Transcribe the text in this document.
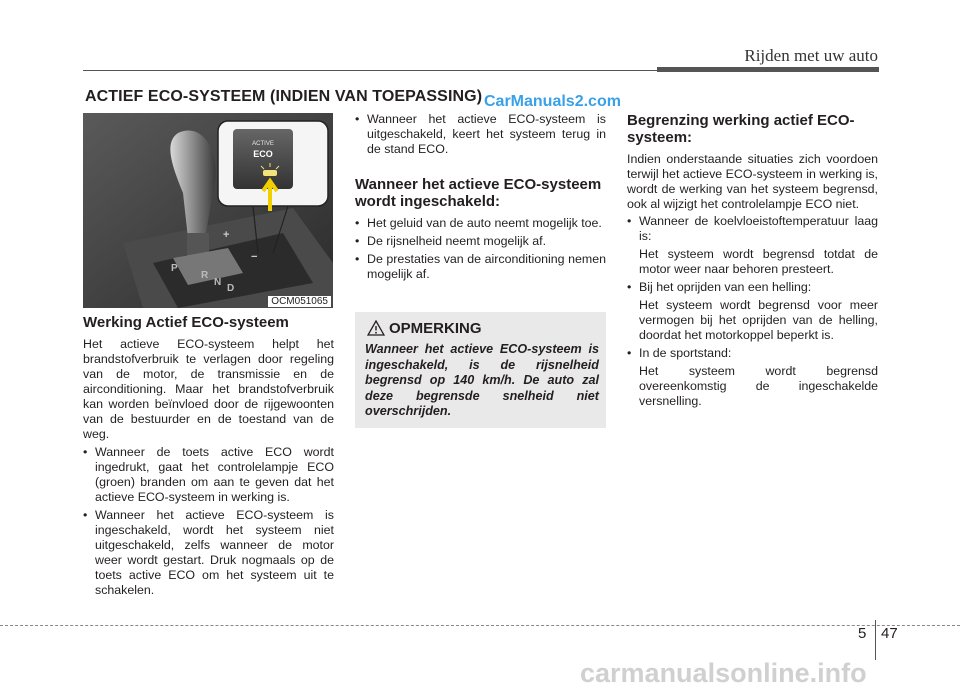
Rijden met uw auto
ACTIEF ECO-SYSTEEM (INDIEN VAN TOEPASSING) CarManuals2.com
P
R
N
D
+
−
ACTIVE
ECO
OCM051065

Werking Actief ECO-systeem

Het actieve ECO-systeem helpt het brandstofverbruik te verlagen door regeling van de motor, de transmissie en de airconditioning. Maar het brandstofverbruik kan worden beïnvloed door de rijgewoonten van de bestuurder en de toestand van de weg.

• Wanneer de toets active ECO wordt ingedrukt, gaat het controlelampje ECO (groen) branden om aan te geven dat het actieve ECO-systeem in werking is.
• Wanneer het actieve ECO-systeem is ingeschakeld, wordt het systeem niet uitgeschakeld, zelfs wanneer de motor weer wordt gestart. Druk nogmaals op de toets active ECO om het systeem uit te schakelen.
• Wanneer het actieve ECO-systeem is uitgeschakeld, keert het systeem terug in de stand ECO.

Wanneer het actieve ECO-systeem wordt ingeschakeld:

• Het geluid van de auto neemt mogelijk toe.
• De rijsnelheid neemt mogelijk af.
• De prestaties van de airconditioning nemen mogelijk af.
OPMERKING
Wanneer het actieve ECO-systeem is ingeschakeld, is de rijsnelheid begrensd op 140 km/h. De auto zal deze begrensde snelheid niet overschrijden.

Begrenzing werking actief ECO-systeem:

Indien onderstaande situaties zich voordoen terwijl het actieve ECO-systeem in werking is, wordt de werking van het systeem begrensd, ook al wijzigt het controlelampje ECO niet.

• Wanneer de koelvloeistoftemperatuur laag is:
Het systeem wordt begrensd totdat de motor weer naar behoren presteert.
• Bij het oprijden van een helling:
Het systeem wordt begrensd voor meer vermogen bij het oprijden van de helling, doordat het motorkoppel beperkt is.
• In de sportstand:
Het systeem wordt begrensd overeenkomstig de ingeschakelde versnelling.
5 47
carmanualsonline.info
